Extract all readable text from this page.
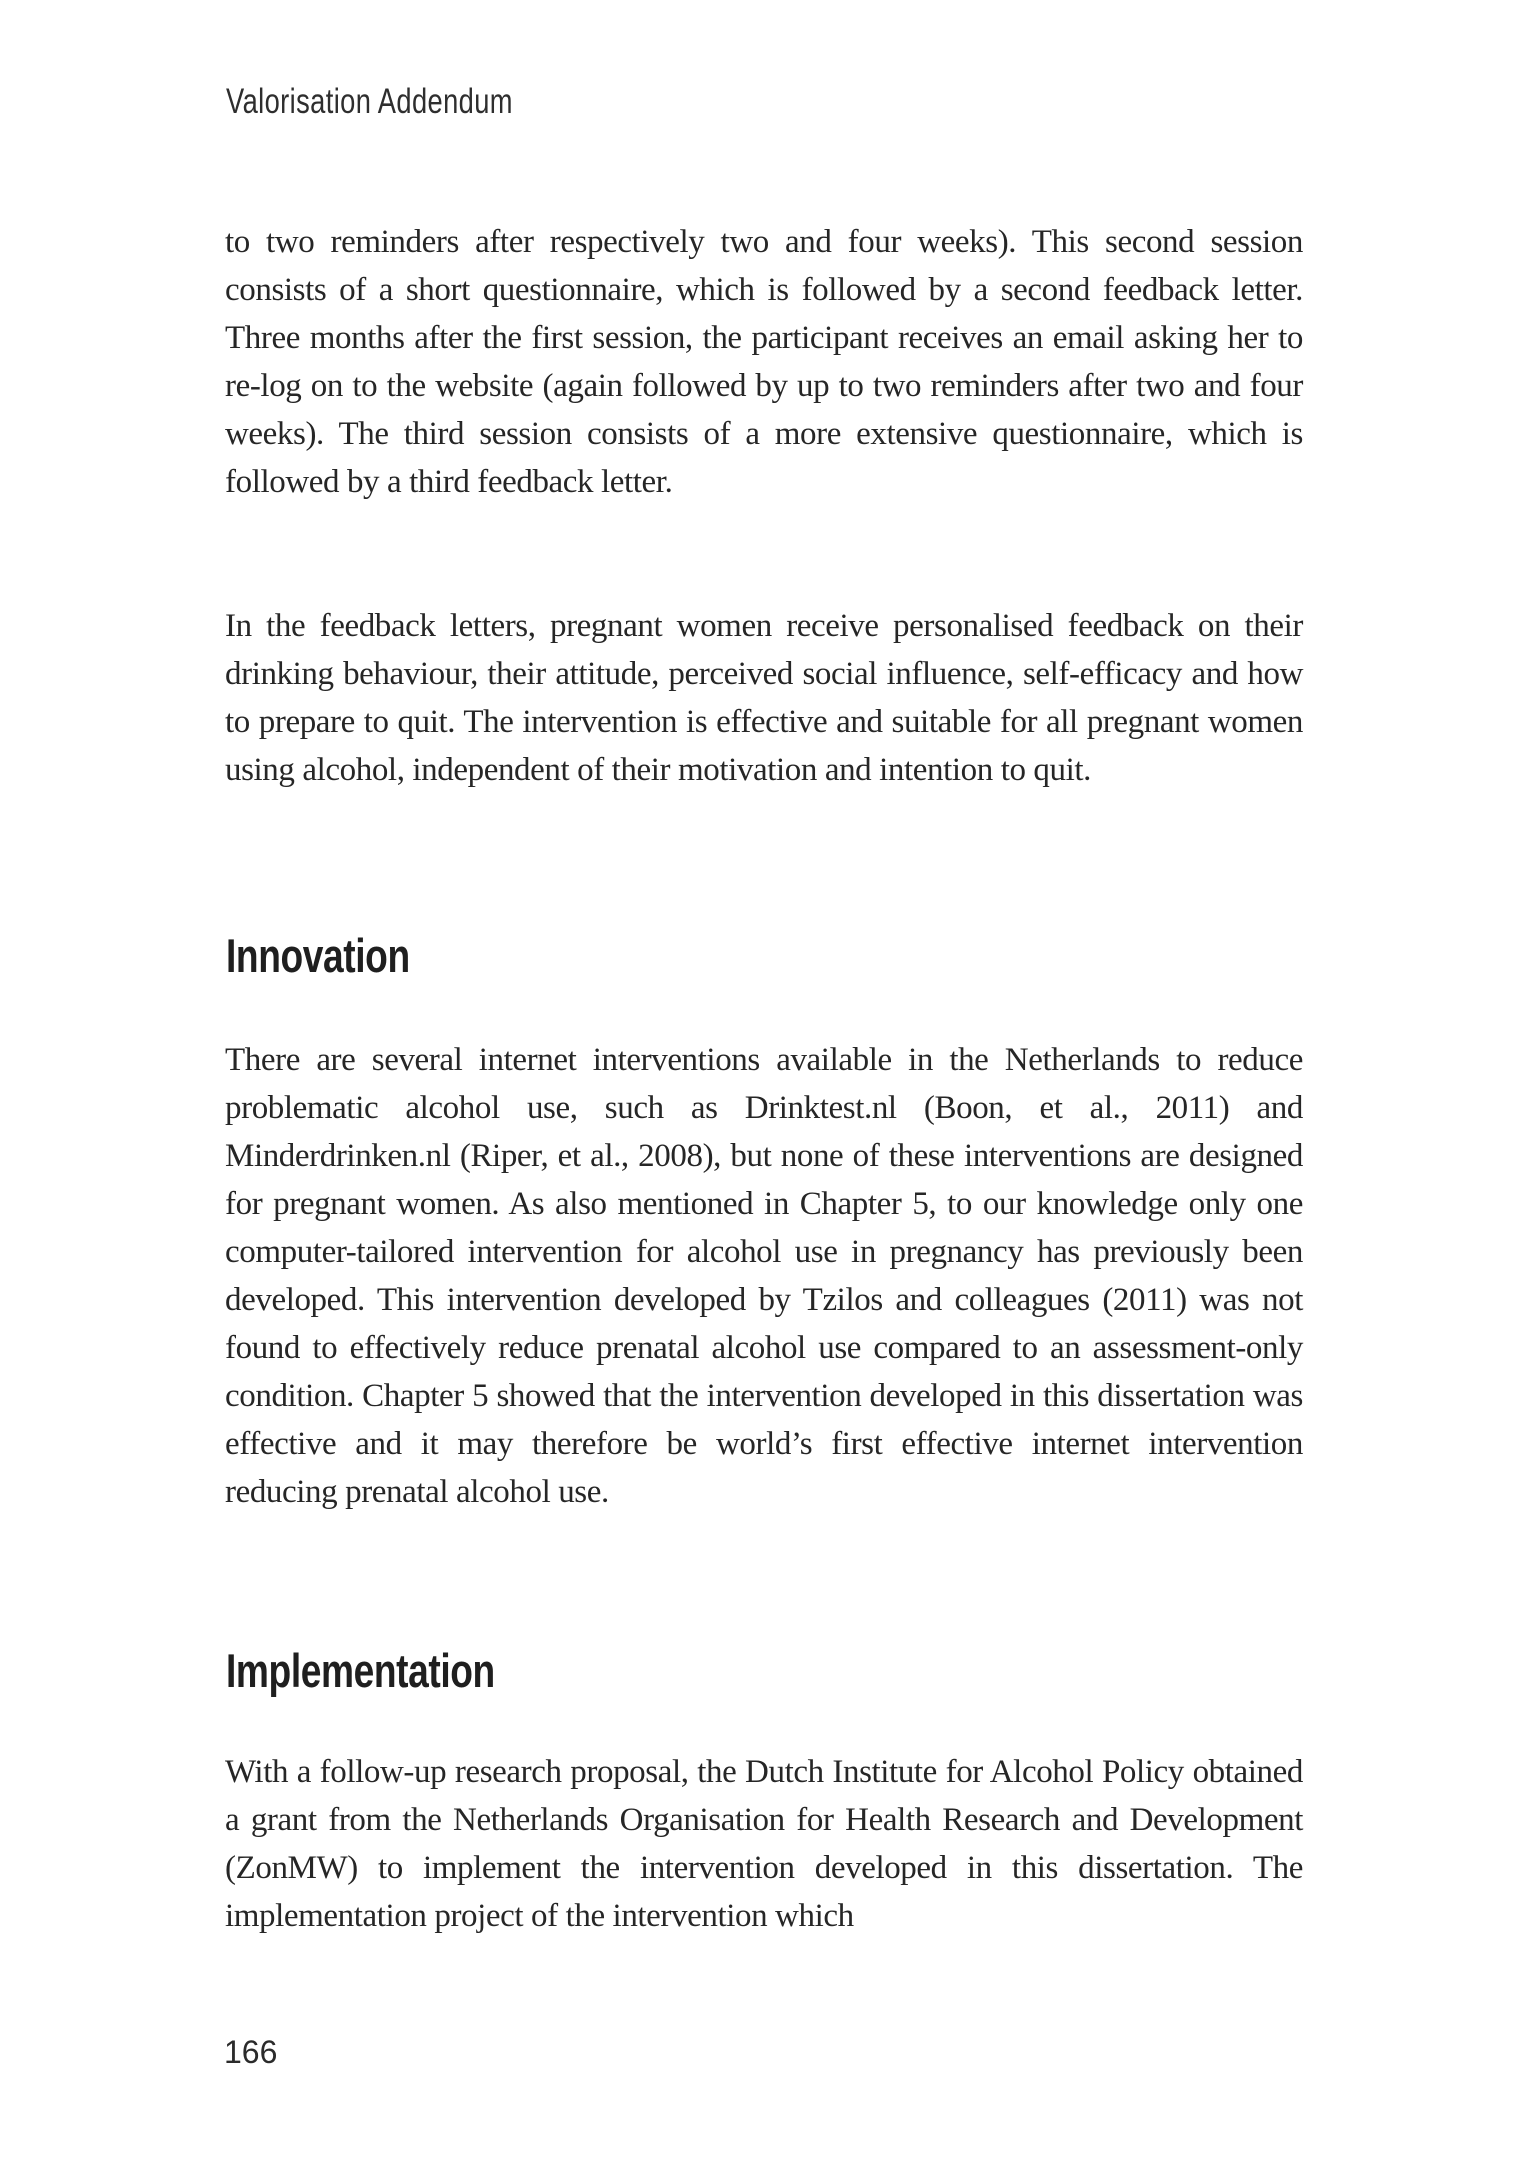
Valorisation Addendum

to two reminders after respectively two and four weeks). This second session consists of a short questionnaire, which is followed by a second feedback letter. Three months after the first session, the participant receives an email asking her to re-log on to the website (again followed by up to two reminders after two and four weeks). The third session consists of a more extensive questionnaire, which is followed by a third feedback letter.

In the feedback letters, pregnant women receive personalised feedback on their drinking behaviour, their attitude, perceived social influence, self-efficacy and how to prepare to quit. The intervention is effective and suitable for all pregnant women using alcohol, independent of their motivation and intention to quit.

Innovation

There are several internet interventions available in the Netherlands to reduce problematic alcohol use, such as Drinktest.nl (Boon, et al., 2011) and Minderdrinken.nl (Riper, et al., 2008), but none of these interventions are designed for pregnant women. As also mentioned in Chapter 5, to our knowledge only one computer-tailored intervention for alcohol use in pregnancy has previously been developed. This intervention developed by Tzilos and colleagues (2011) was not found to effectively reduce prenatal alcohol use compared to an assessment-only condition. Chapter 5 showed that the intervention developed in this dissertation was effective and it may therefore be world’s first effective internet intervention reducing prenatal alcohol use.

Implementation

With a follow-up research proposal, the Dutch Institute for Alcohol Policy obtained a grant from the Netherlands Organisation for Health Research and Development (ZonMW) to implement the intervention developed in this dissertation. The implementation project of the intervention which

166
